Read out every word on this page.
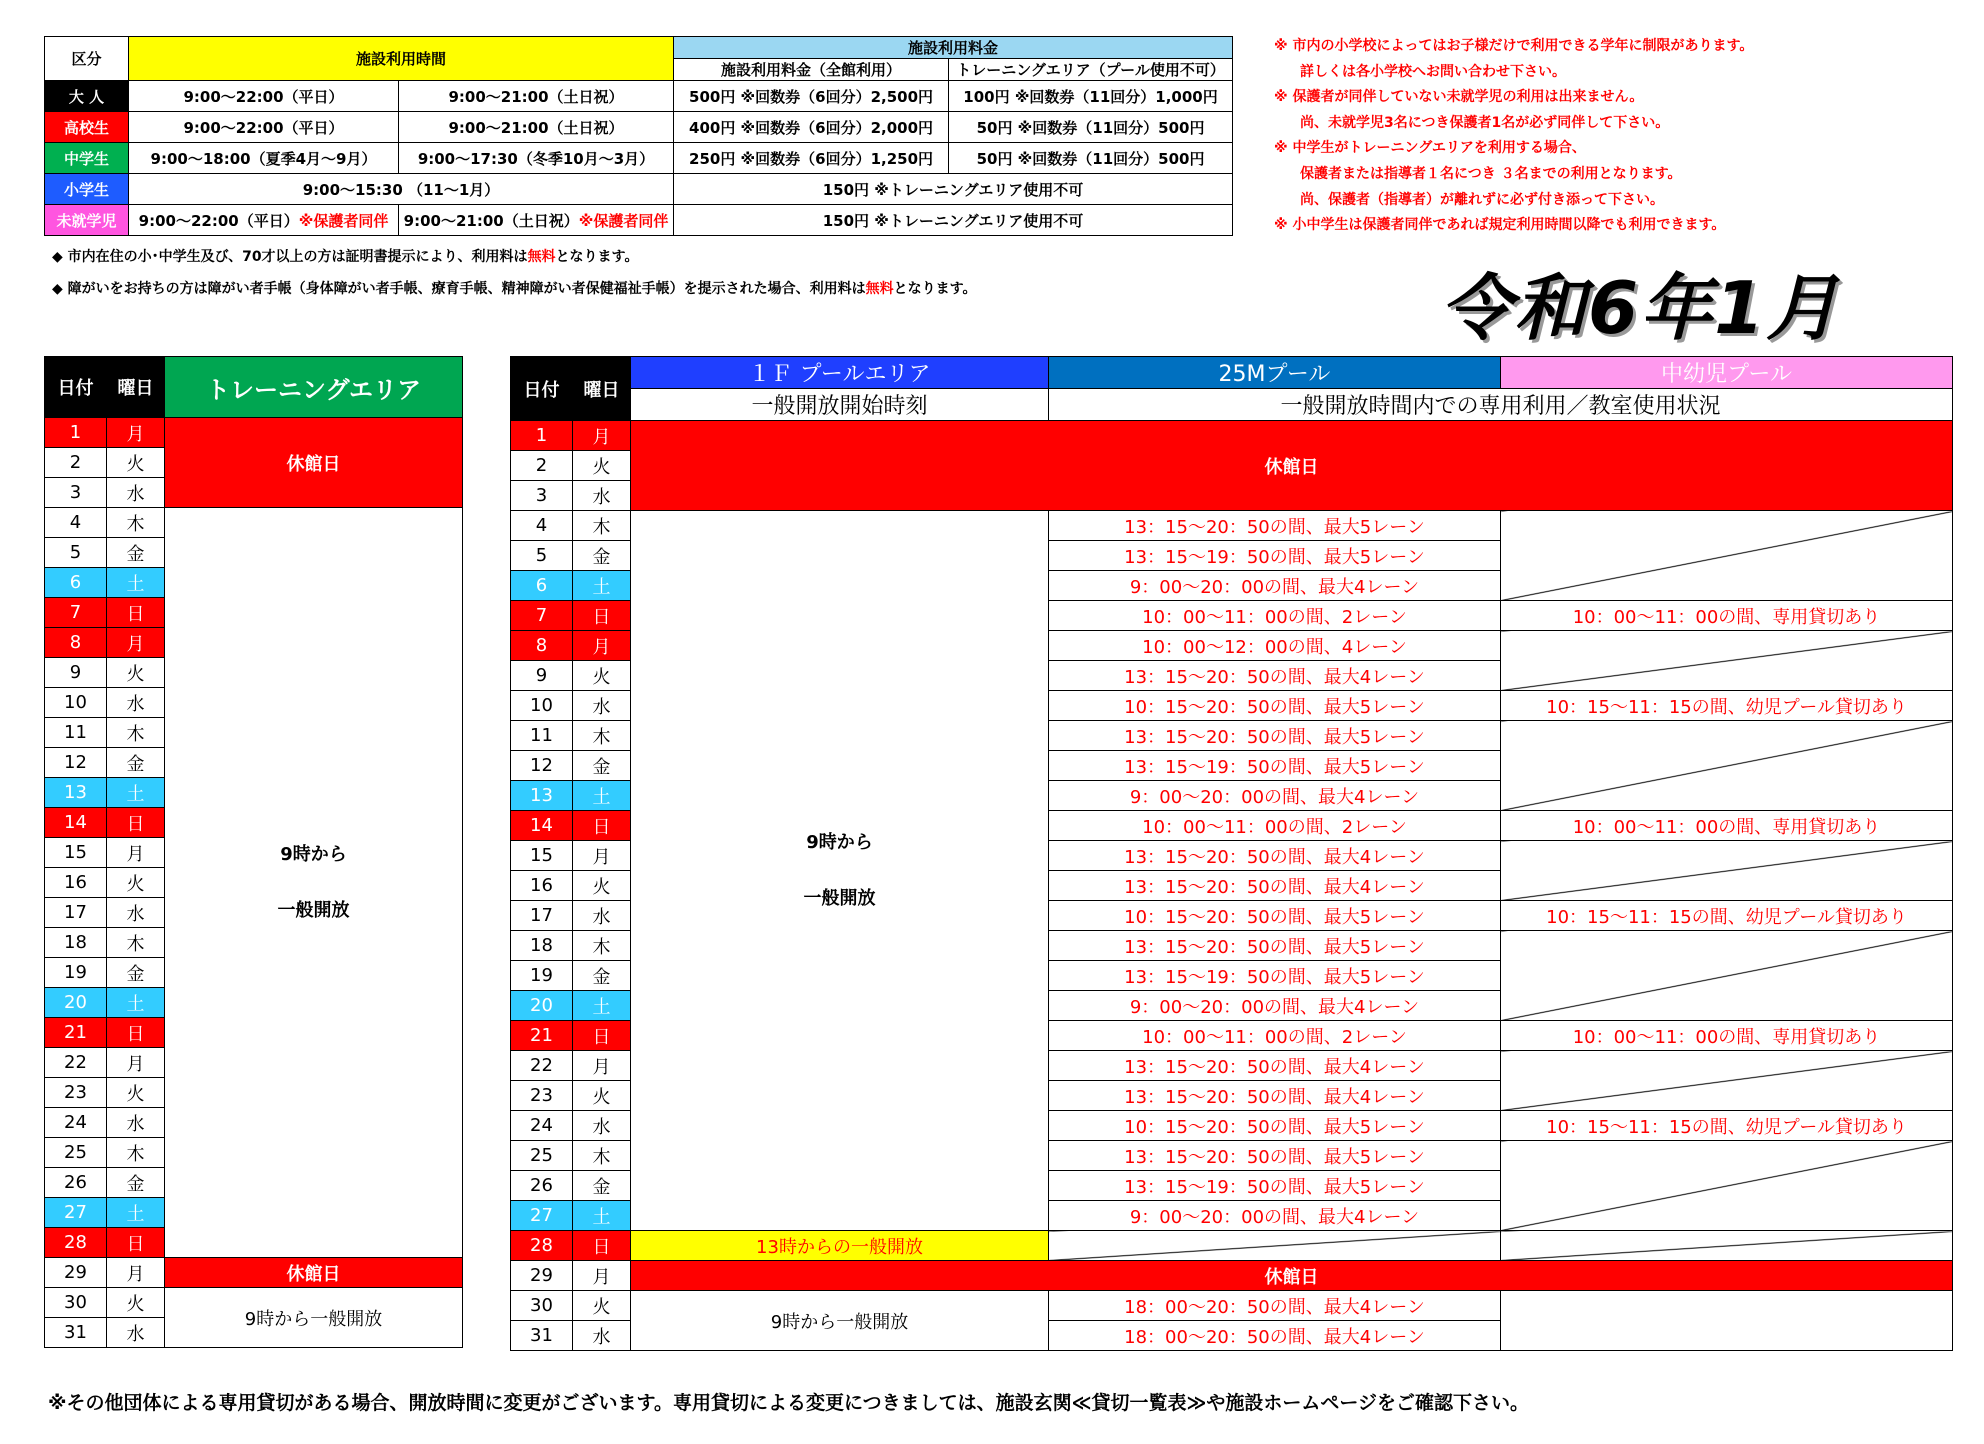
区分	施設利用時間		施設利用料金	
			施設利用料金（全館利用）	トレーニングエリア（プール使用不可）
大 人	9:00～22:00（平日）	9:00～21:00（土日祝）	500円 ※回数券（6回分）2,500円	100円 ※回数券（11回分）1,000円
高校生	9:00～22:00（平日）	9:00～21:00（土日祝）	400円 ※回数券（6回分）2,000円	50円 ※回数券（11回分）500円
中学生	9:00～18:00（夏季4月～9月）	9:00～17:30（冬季10月～3月）	250円 ※回数券（6回分）1,250円	50円 ※回数券（11回分）500円
小学生	9:00～15:30 （11～1月）		150円 ※トレーニングエリア使用不可	
未就学児	9:00～22:00（平日）※保護者同伴	9:00～21:00（土日祝）※保護者同伴	150円 ※トレーニングエリア使用不可	
◆ 市内在住の小･中学生及び、70才以上の方は証明書提示により、利用料は無料となります。
◆ 障がいをお持ちの方は障がい者手帳（身体障がい者手帳、療育手帳、精神障がい者保健福祉手帳）を提示された場合、利用料は無料となります。
※ 市内の小学校によってはお子様だけで利用できる学年に制限があります。
詳しくは各小学校へお問い合わせ下さい。
※ 保護者が同伴していない未就学児の利用は出来ません。
尚、未就学児3名につき保護者1名が必ず同伴して下さい。
※ 中学生がトレーニングエリアを利用する場合、
保護者または指導者１名につき ３名までの利用となります。
尚、保護者（指導者）が離れずに必ず付き添って下さい。
※ 小中学生は保護者同伴であれば規定利用時間以降でも利用できます。
令和6年1月
日付	曜日	トレーニングエリア
1	月	休館日
2	火	
3	水	
4	木	9時から
一般開放

5	金	
6	土	
7	日	
8	月	
9	火	
10	水	
11	木	
12	金	
13	土	
14	日	
15	月	
16	火	
17	水	
18	木	
19	金	
20	土	
21	日	
22	月	
23	火	
24	水	
25	木	
26	金	
27	土	
28	日	
29	月	休館日
30	火	9時から一般開放
31	水	
日付	曜日	１Ｆ プールエリア	25Mプール	中幼児プール
		一般開放開始時刻	一般開放時間内での専用利用／教室使用状況	
1	月	休館日		
2	火			
3	水			
4	木	9時から
一般開放	13：15～20：50の間、最大5レーン	
5	金		13：15～19：50の間、最大5レーン	
6	土		9：00～20：00の間、最大4レーン	
7	日		10：00～11：00の間、2レーン	10：00～11：00の間、専用貸切あり
8	月		10：00～12：00の間、4レーン	
9	火		13：15～20：50の間、最大4レーン	
10	水		10：15～20：50の間、最大5レーン	10：15～11：15の間、幼児プール貸切あり
11	木		13：15～20：50の間、最大5レーン	
12	金		13：15～19：50の間、最大5レーン	
13	土		9：00～20：00の間、最大4レーン	
14	日		10：00～11：00の間、2レーン	10：00～11：00の間、専用貸切あり
15	月		13：15～20：50の間、最大4レーン	
16	火		13：15～20：50の間、最大4レーン	
17	水		10：15～20：50の間、最大5レーン	10：15～11：15の間、幼児プール貸切あり
18	木		13：15～20：50の間、最大5レーン	
19	金		13：15～19：50の間、最大5レーン	
20	土		9：00～20：00の間、最大4レーン	
21	日		10：00～11：00の間、2レーン	10：00～11：00の間、専用貸切あり
22	月		13：15～20：50の間、最大4レーン	
23	火		13：15～20：50の間、最大4レーン	
24	水		10：15～20：50の間、最大5レーン	10：15～11：15の間、幼児プール貸切あり
25	木		13：15～20：50の間、最大5レーン	
26	金		13：15～19：50の間、最大5レーン	
27	土		9：00～20：00の間、最大4レーン	
28	日	13時からの一般開放		
29	月	休館日		
30	火	9時から一般開放	18：00～20：50の間、最大4レーン	
31	水		18：00～20：50の間、最大4レーン	
※その他団体による専用貸切がある場合、開放時間に変更がございます。専用貸切による変更につきましては、施設玄関≪貸切一覧表≫や施設ホームページをご確認下さい。
